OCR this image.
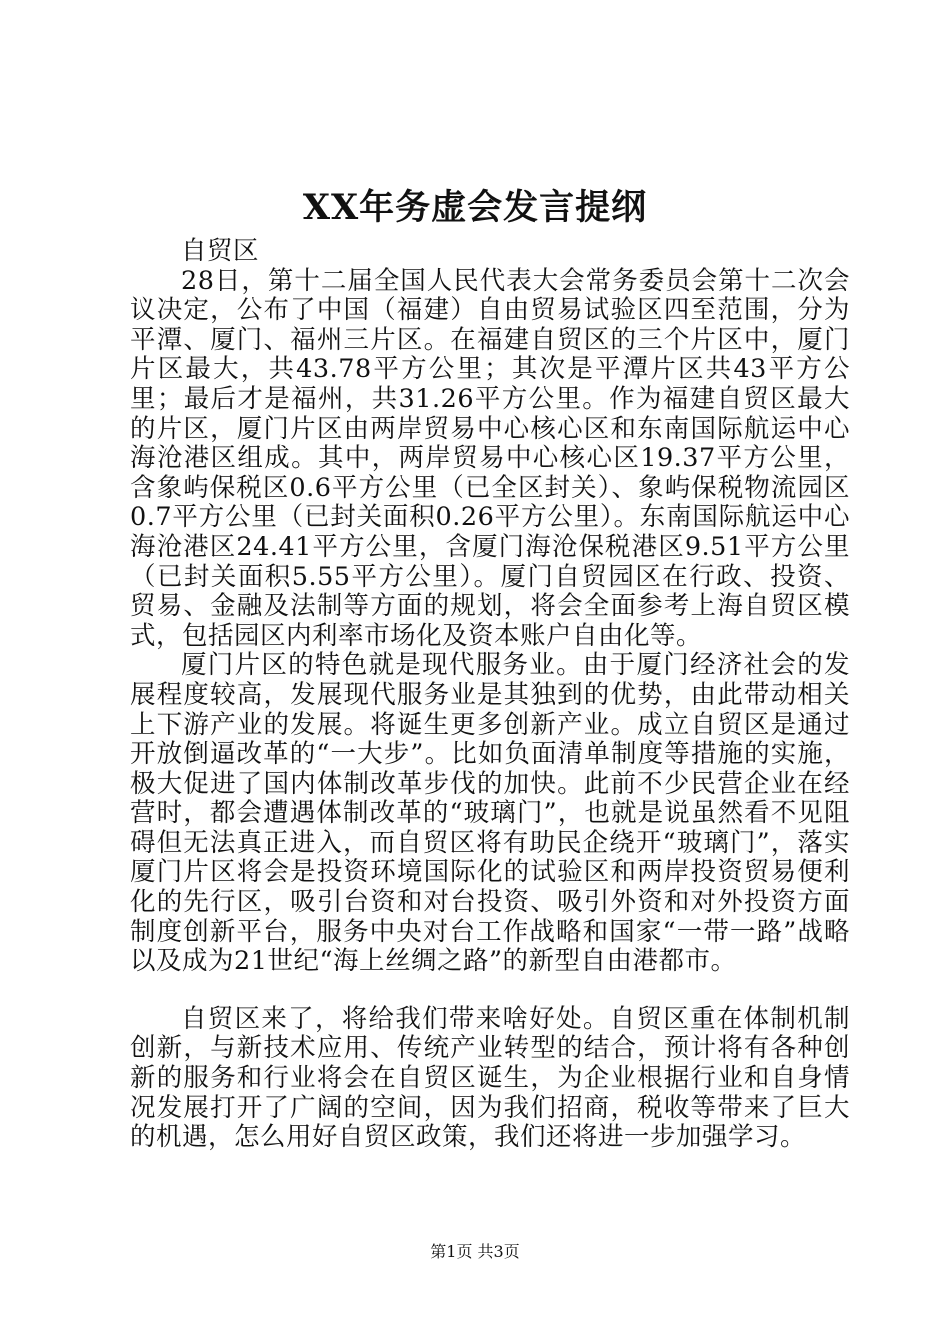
XX年务虚会发言提纲

自贸区

28日，第十二届全国人民代表大会常务委员会第十二次会议决定，公布了中国（福建）自由贸易试验区四至范围，分为平潭、厦门、福州三片区。在福建自贸区的三个片区中，厦门片区最大，共43.78平方公里；其次是平潭片区共43平方公里；最后才是福州，共31.26平方公里。作为福建自贸区最大的片区，厦门片区由两岸贸易中心核心区和东南国际航运中心海沧港区组成。其中，两岸贸易中心核心区19.37平方公里，含象屿保税区0.6平方公里（已全区封关）、象屿保税物流园区0.7平方公里（已封关面积0.26平方公里）。东南国际航运中心海沧港区24.41平方公里，含厦门海沧保税港区9.51平方公里（已封关面积5.55平方公里）。厦门自贸园区在行政、投资、贸易、金融及法制等方面的规划，将会全面参考上海自贸区模式，包括园区内利率市场化及资本账户自由化等。

厦门片区的特色就是现代服务业。由于厦门经济社会的发展程度较高，发展现代服务业是其独到的优势，由此带动相关上下游产业的发展。将诞生更多创新产业。成立自贸区是通过开放倒逼改革的“一大步”。比如负面清单制度等措施的实施，极大促进了国内体制改革步伐的加快。此前不少民营企业在经营时，都会遭遇体制改革的“玻璃门”，也就是说虽然看不见阻碍但无法真正进入，而自贸区将有助民企绕开“玻璃门”，落实厦门片区将会是投资环境国际化的试验区和两岸投资贸易便利化的先行区，吸引台资和对台投资、吸引外资和对外投资方面制度创新平台，服务中央对台工作战略和国家“一带一路”战略以及成为21世纪“海上丝绸之路”的新型自由港都市。

自贸区来了，将给我们带来啥好处。自贸区重在体制机制创新，与新技术应用、传统产业转型的结合，预计将有各种创新的服务和行业将会在自贸区诞生，为企业根据行业和自身情况发展打开了广阔的空间，因为我们招商，税收等带来了巨大的机遇，怎么用好自贸区政策，我们还将进一步加强学习。

第1页 共3页
